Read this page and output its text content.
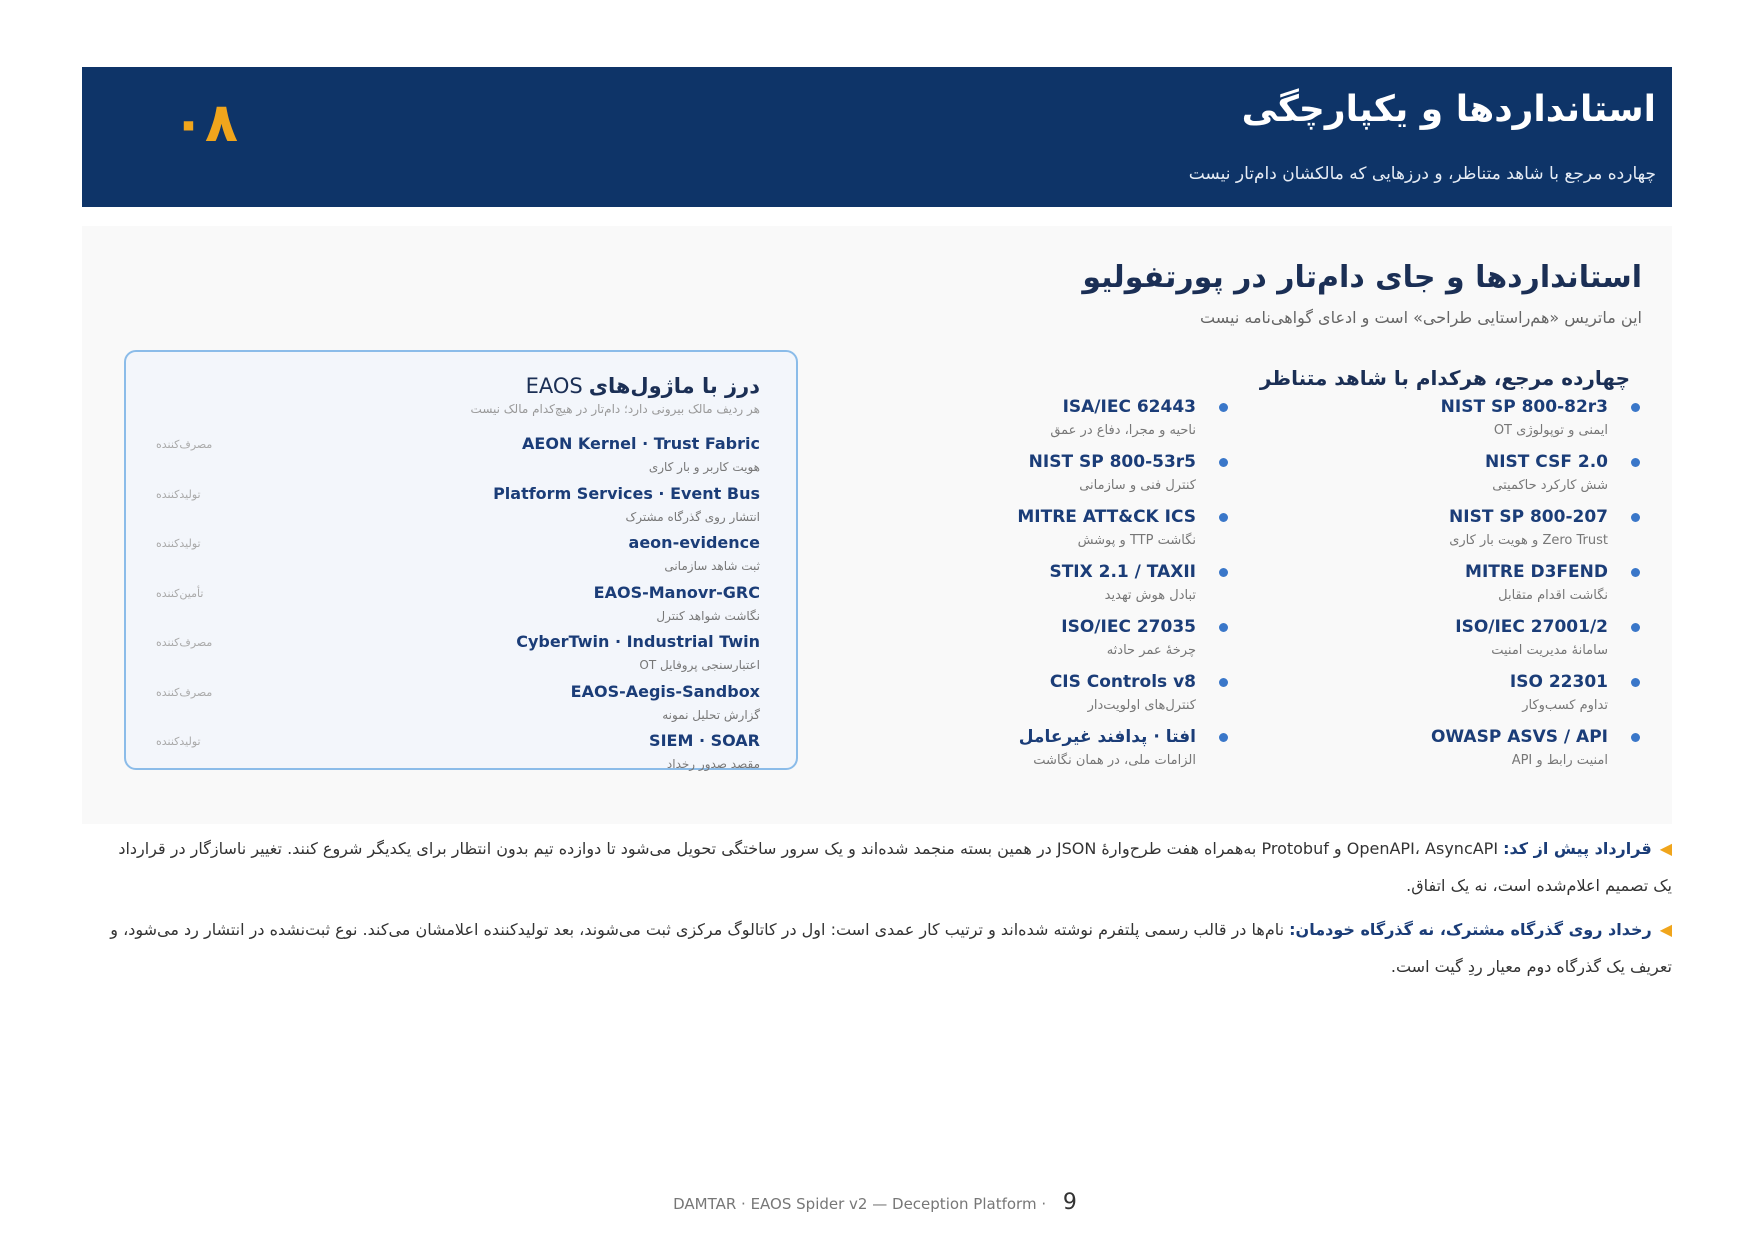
استانداردها و یکپارچگی
چهارده مرجع با شاهد متناظر، و درزهایی که مالکشان دام‌تار نیست
۰۸
استانداردها و جای دام‌تار در پورتفولیو
این ماتریس «هم‌راستایی طراحی» است و ادعای گواهی‌نامه نیست
چهارده مرجع، هرکدام با شاهد متناظر
NIST SP 800-82r3
ایمنی و توپولوژی OT
NIST CSF 2.0
شش کارکرد حاکمیتی
NIST SP 800-207
Zero Trust و هویت بار کاری
MITRE D3FEND
نگاشت اقدام متقابل
ISO/IEC 27001/2
سامانهٔ مدیریت امنیت
ISO 22301
تداوم کسب‌وکار
OWASP ASVS / API
امنیت رابط و API
ISA/IEC 62443
ناحیه و مجرا، دفاع در عمق
NIST SP 800-53r5
کنترل فنی و سازمانی
MITRE ATT&CK ICS
نگاشت TTP و پوشش
STIX 2.1 / TAXII
تبادل هوش تهدید
ISO/IEC 27035
چرخهٔ عمر حادثه
CIS Controls v8
کنترل‌های اولویت‌دار
افتا · پدافند غیرعامل
الزامات ملی، در همان نگاشت
EAOS درز با ماژول‌های
هر ردیف مالک بیرونی دارد؛ دام‌تار در هیچ‌کدام مالک نیست
AEON Kernel · Trust Fabric
هویت کاربر و بار کاری
مصرف‌کننده
Platform Services · Event Bus
انتشار روی گذرگاه مشترک
تولیدکننده
aeon-evidence
ثبت شاهد سازمانی
تولیدکننده
EAOS-Manovr-GRC
نگاشت شواهد کنترل
تأمین‌کننده
CyberTwin · Industrial Twin
اعتبارسنجی پروفایل OT
مصرف‌کننده
EAOS-Aegis-Sandbox
گزارش تحلیل نمونه
مصرف‌کننده
SIEM · SOAR
مقصد صدور رخداد
تولیدکننده
◀قرارداد پیش از کد: OpenAPI، AsyncAPI و Protobuf به‌همراه هفت طرح‌وارهٔ JSON در همین بسته منجمد شده‌اند و یک سرور ساختگی تحویل می‌شود تا دوازده تیم بدون انتظار برای یکدیگر شروع کنند. تغییر ناسازگار در قرارداد یک تصمیم اعلام‌شده است، نه یک اتفاق.
◀رخداد روی گذرگاه مشترک، نه گذرگاه خودمان: نام‌ها در قالب رسمی پلتفرم نوشته شده‌اند و ترتیب کار عمدی است: اول در کاتالوگ مرکزی ثبت می‌شوند، بعد تولیدکننده اعلامشان می‌کند. نوع ثبت‌نشده در انتشار رد می‌شود، و تعریف یک گذرگاه دوم معیار ردِ گیت است.
DAMTAR · EAOS Spider v2 — Deception Platform · 9
